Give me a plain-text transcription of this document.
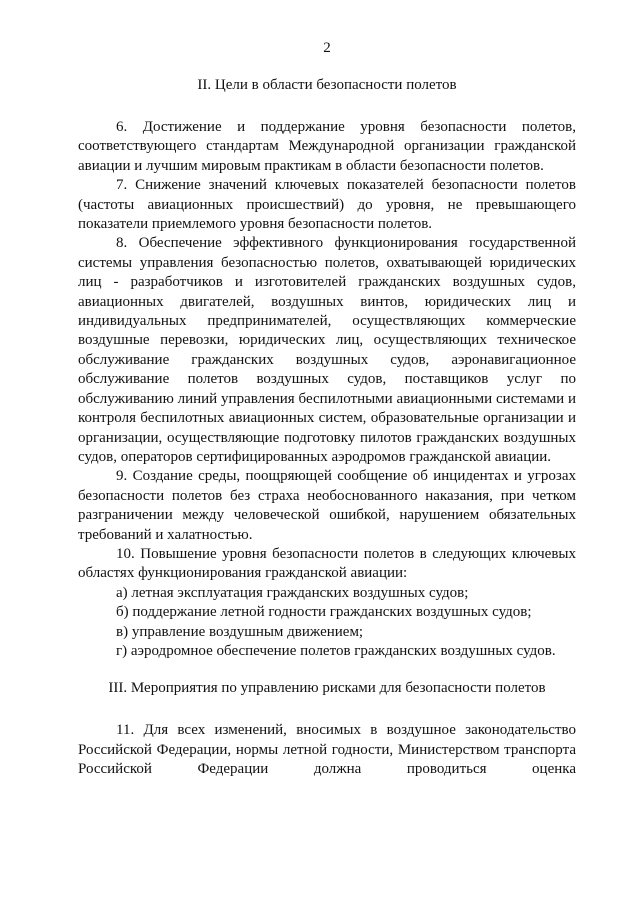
2
II. Цели в области безопасности полетов

6. Достижение и поддержание уровня безопасности полетов, соответствующего стандартам Международной организации гражданской авиации и лучшим мировым практикам в области безопасности полетов.

7. Снижение значений ключевых показателей безопасности полетов (частоты авиационных происшествий) до уровня, не превышающего показатели приемлемого уровня безопасности полетов.

8. Обеспечение эффективного функционирования государственной системы управления безопасностью полетов, охватывающей юридических лиц - разработчиков и изготовителей гражданских воздушных судов, авиационных двигателей, воздушных винтов, юридических лиц и индивидуальных предпринимателей, осуществляющих коммерческие воздушные перевозки, юридических лиц, осуществляющих техническое обслуживание гражданских воздушных судов, аэронавигационное обслуживание полетов воздушных судов, поставщиков услуг по обслуживанию линий управления беспилотными авиационными системами и контроля беспилотных авиационных систем, образовательные организации и организации, осуществляющие подготовку пилотов гражданских воздушных судов, операторов сертифицированных аэродромов гражданской авиации.

9. Создание среды, поощряющей сообщение об инцидентах и угрозах безопасности полетов без страха необоснованного наказания, при четком разграничении между человеческой ошибкой, нарушением обязательных требований и халатностью.

10. Повышение уровня безопасности полетов в следующих ключевых областях функционирования гражданской авиации:

а) летная эксплуатация гражданских воздушных судов;

б) поддержание летной годности гражданских воздушных судов;

в) управление воздушным движением;

г) аэродромное обеспечение полетов гражданских воздушных судов.

III. Мероприятия по управлению рисками для безопасности полетов

11. Для всех изменений, вносимых в воздушное законодательство Российской Федерации, нормы летной годности, Министерством транспорта Российской Федерации должна проводиться оценка
